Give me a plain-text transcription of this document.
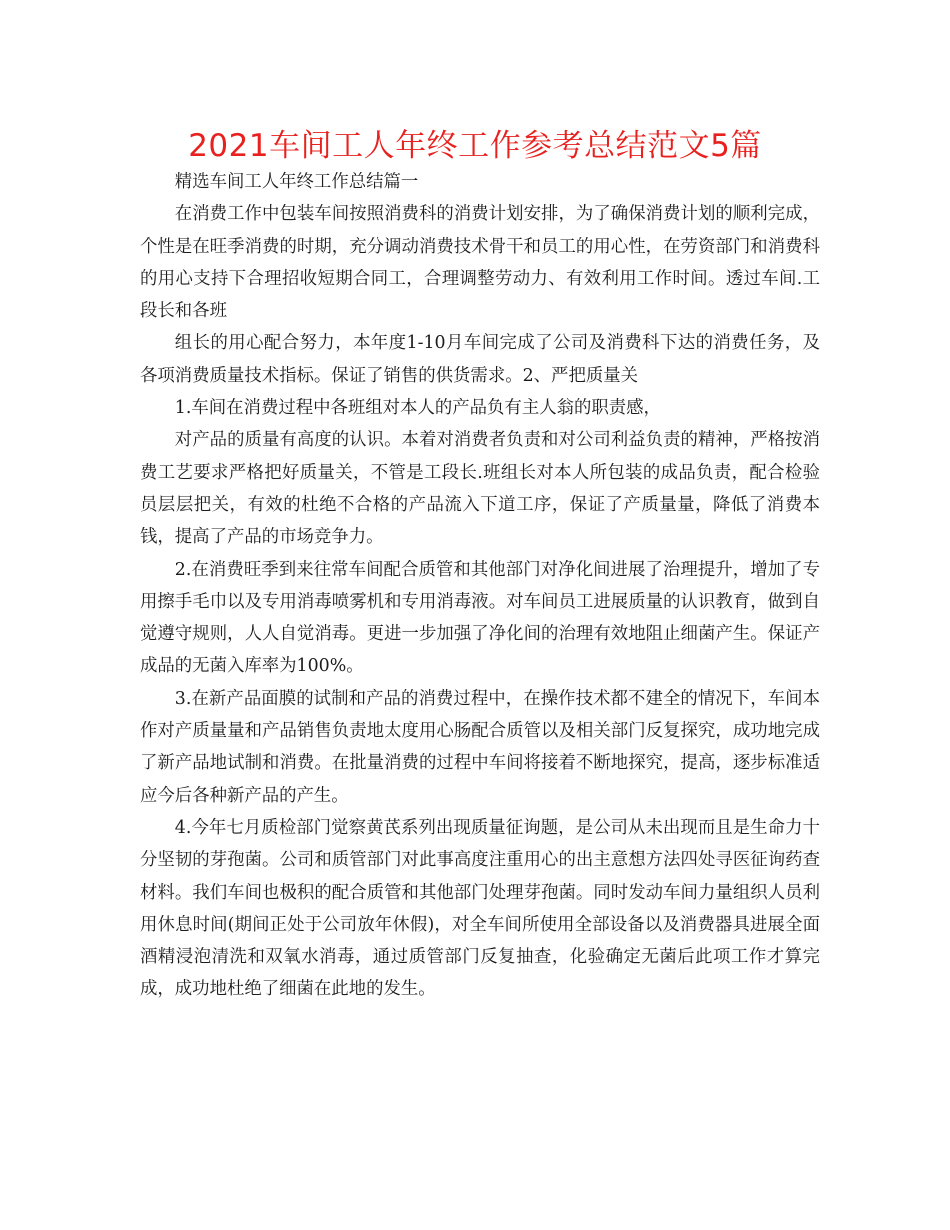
2021车间工人年终工作参考总结范文5篇

精选车间工人年终工作总结篇一

在消费工作中包装车间按照消费科的消费计划安排，为了确保消费计划的顺利完成，个性是在旺季消费的时期，充分调动消费技术骨干和员工的用心性，在劳资部门和消费科的用心支持下合理招收短期合同工，合理调整劳动力、有效利用工作时间。透过车间.工段长和各班

组长的用心配合努力，本年度1-10月车间完成了公司及消费科下达的消费任务，及各项消费质量技术指标。保证了销售的供货需求。2、严把质量关

1.车间在消费过程中各班组对本人的产品负有主人翁的职责感，

对产品的质量有高度的认识。本着对消费者负责和对公司利益负责的精神，严格按消费工艺要求严格把好质量关，不管是工段长.班组长对本人所包装的成品负责，配合检验员层层把关，有效的杜绝不合格的产品流入下道工序，保证了产质量量，降低了消费本钱，提高了产品的市场竞争力。

2.在消费旺季到来往常车间配合质管和其他部门对净化间进展了治理提升，增加了专用擦手毛巾以及专用消毒喷雾机和专用消毒液。对车间员工进展质量的认识教育，做到自觉遵守规则，人人自觉消毒。更进一步加强了净化间的治理有效地阻止细菌产生。保证产成品的无菌入库率为100%。

3.在新产品面膜的试制和产品的消费过程中，在操作技术都不建全的情况下，车间本作对产质量量和产品销售负责地太度用心肠配合质管以及相关部门反复探究，成功地完成了新产品地试制和消费。在批量消费的过程中车间将接着不断地探究，提高，逐步标准适应今后各种新产品的产生。

4.今年七月质检部门觉察黄芪系列出现质量征询题，是公司从未出现而且是生命力十分坚韧的芽孢菌。公司和质管部门对此事高度注重用心的出主意想方法四处寻医征询药查材料。我们车间也极积的配合质管和其他部门处理芽孢菌。同时发动车间力量组织人员利用休息时间(期间正处于公司放年休假)，对全车间所使用全部设备以及消费器具进展全面酒精浸泡清洗和双氧水消毒，通过质管部门反复抽查，化验确定无菌后此项工作才算完成，成功地杜绝了细菌在此地的发生。
